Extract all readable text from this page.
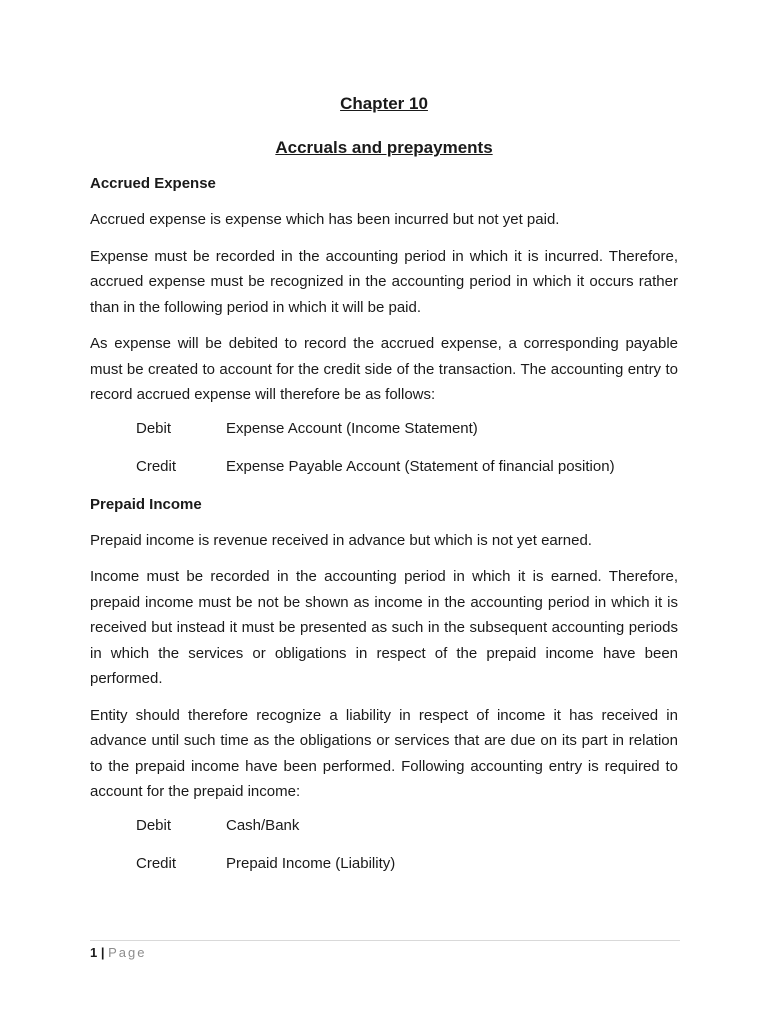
Chapter 10
Accruals and prepayments
Accrued Expense

Accrued expense is expense which has been incurred but not yet paid.

Expense must be recorded in the accounting period in which it is incurred. Therefore, accrued expense must be recognized in the accounting period in which it occurs rather than in the following period in which it will be paid.

As expense will be debited to record the accrued expense, a corresponding payable must be created to account for the credit side of the transaction. The accounting entry to record accrued expense will therefore be as follows:

Debit	Expense Account (Income Statement)
Credit	Expense Payable Account (Statement of financial position)
Prepaid Income

Prepaid income is revenue received in advance but which is not yet earned.

Income must be recorded in the accounting period in which it is earned. Therefore, prepaid income must be not be shown as income in the accounting period in which it is received but instead it must be presented as such in the subsequent accounting periods in which the services or obligations in respect of the prepaid income have been performed.

Entity should therefore recognize a liability in respect of income it has received in advance until such time as the obligations or services that are due on its part in relation to the prepaid income have been performed. Following accounting entry is required to account for the prepaid income:

Debit	Cash/Bank
Credit	Prepaid Income (Liability)
1 | Page
